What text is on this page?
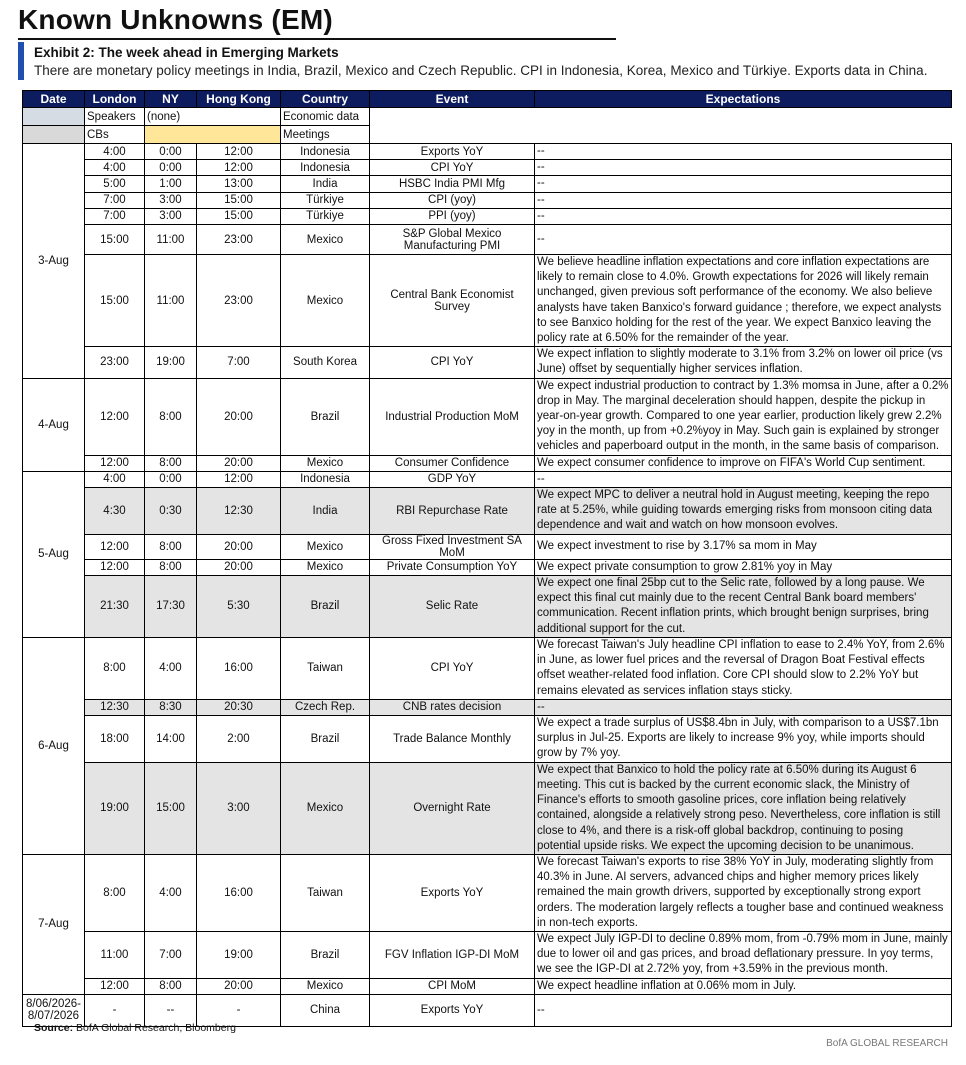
Known Unknowns (EM)
Exhibit 2: The week ahead in Emerging Markets
There are monetary policy meetings in India, Brazil, Mexico and Czech Republic. CPI in Indonesia, Korea, Mexico and Türkiye. Exports data in China.
	Speakers	(none)		Economic data		
	CBs			Meetings		
Date	London	NY	Hong Kong	Country	Event	Expectations
3-Aug	4:00	0:00	12:00	Indonesia	Exports YoY	--
	4:00	0:00	12:00	Indonesia	CPI YoY	--
	5:00	1:00	13:00	India	HSBC India PMI Mfg	--
	7:00	3:00	15:00	Türkiye	CPI (yoy)	--
	7:00	3:00	15:00	Türkiye	PPI (yoy)	--
	15:00	11:00	23:00	Mexico	S&P Global Mexico Manufacturing PMI	--
	15:00	11:00	23:00	Mexico	Central Bank Economist Survey	We believe headline inflation expectations and core inflation expectations are likely to remain close to 4.0%. Growth expectations for 2026 will likely remain unchanged, given previous soft performance of the economy. We also believe analysts have taken Banxico's forward guidance ; therefore, we expect analysts to see Banxico holding for the rest of the year. We expect Banxico leaving the policy rate at 6.50% for the remainder of the year.
	23:00	19:00	7:00	South Korea	CPI YoY	We expect inflation to slightly moderate to 3.1% from 3.2% on lower oil price (vs June) offset by sequentially higher services inflation.
4-Aug	12:00	8:00	20:00	Brazil	Industrial Production MoM	We expect industrial production to contract by 1.3% momsa in June, after a 0.2% drop in May. The marginal deceleration should happen, despite the pickup in year-on-year growth. Compared to one year earlier, production likely grew 2.2% yoy in the month, up from +0.2%yoy in May. Such gain is explained by stronger vehicles and paperboard output in the month, in the same basis of comparison.
	12:00	8:00	20:00	Mexico	Consumer Confidence	We expect consumer confidence to improve on FIFA's World Cup sentiment.
5-Aug	4:00	0:00	12:00	Indonesia	GDP YoY	--
	4:30	0:30	12:30	India	RBI Repurchase Rate	We expect MPC to deliver a neutral hold in August meeting, keeping the repo rate at 5.25%, while guiding towards emerging risks from monsoon citing data dependence and wait and watch on how monsoon evolves.
	12:00	8:00	20:00	Mexico	Gross Fixed Investment SA MoM	We expect investment to rise by 3.17% sa mom in May
	12:00	8:00	20:00	Mexico	Private Consumption YoY	We expect private consumption to grow 2.81% yoy in May
	21:30	17:30	5:30	Brazil	Selic Rate	We expect one final 25bp cut to the Selic rate, followed by a long pause. We expect this final cut mainly due to the recent Central Bank board members' communication. Recent inflation prints, which brought benign surprises, bring additional support for the cut.
6-Aug	8:00	4:00	16:00	Taiwan	CPI YoY	We forecast Taiwan's July headline CPI inflation to ease to 2.4% YoY, from 2.6% in June, as lower fuel prices and the reversal of Dragon Boat Festival effects offset weather-related food inflation. Core CPI should slow to 2.2% YoY but remains elevated as services inflation stays sticky.
	12:30	8:30	20:30	Czech Rep.	CNB rates decision	--
	18:00	14:00	2:00	Brazil	Trade Balance Monthly	We expect a trade surplus of US$8.4bn in July, with comparison to a US$7.1bn surplus in Jul-25. Exports are likely to increase 9% yoy, while imports should grow by 7% yoy.
	19:00	15:00	3:00	Mexico	Overnight Rate	We expect that Banxico to hold the policy rate at 6.50% during its August 6 meeting. This cut is backed by the current economic slack, the Ministry of Finance's efforts to smooth gasoline prices, core inflation being relatively contained, alongside a relatively strong peso. Nevertheless, core inflation is still close to 4%, and there is a risk-off global backdrop, continuing to posing potential upside risks. We expect the upcoming decision to be unanimous.
7-Aug	8:00	4:00	16:00	Taiwan	Exports YoY	We forecast Taiwan's exports to rise 38% YoY in July, moderating slightly from 40.3% in June. AI servers, advanced chips and higher memory prices likely remained the main growth drivers, supported by exceptionally strong export orders. The moderation largely reflects a tougher base and continued weakness in non-tech exports.
	11:00	7:00	19:00	Brazil	FGV Inflation IGP-DI MoM	We expect July IGP-DI to decline 0.89% mom, from -0.79% mom in June, mainly due to lower oil and gas prices, and broad deflationary pressure. In yoy terms, we see the IGP-DI at 2.72% yoy, from +3.59% in the previous month.
	12:00	8:00	20:00	Mexico	CPI MoM	We expect headline inflation at 0.06% mom in July.

8/06/2026-
8/07/2026	-	--	-	China	Exports YoY	--
Source: BofA Global Research, Bloomberg
BofA GLOBAL RESEARCH
